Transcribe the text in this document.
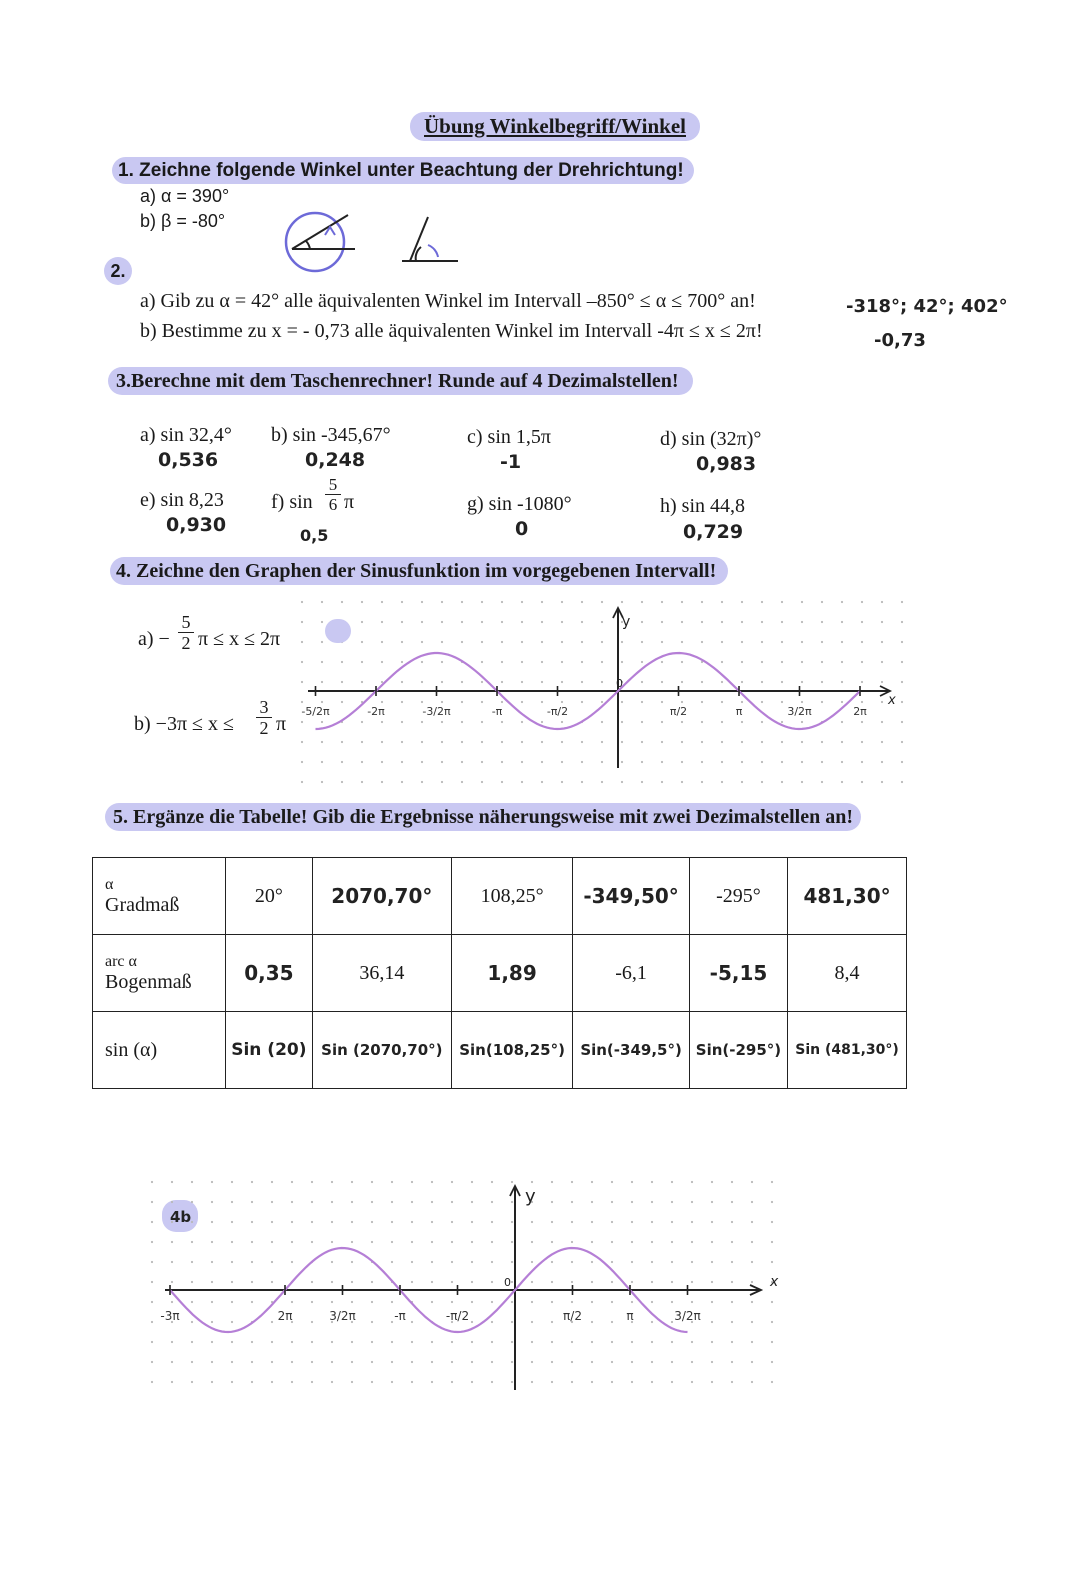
Übung Winkelbegriff/Winkel
1. Zeichne folgende Winkel unter Beachtung der Drehrichtung!
a) α = 390°
b) β = -80°
2.
a) Gib zu α = 42° alle äquivalenten Winkel im Intervall –850° ≤ α ≤ 700° an!	-318°; 42°; 402°
b) Bestimme zu x = - 0,73 alle äquivalenten Winkel im Intervall -4π ≤ x ≤ 2π!	-0,73
3.Berechne mit dem Taschenrechner! Runde auf 4 Dezimalstellen!
a) sin 32,4°
0,536
b) sin -345,67°
0,248
c) sin 1,5π
-1
d) sin (32π)°
0,983
e) sin 8,23
0,930
f) sin
5
6 π
0,5
g) sin -1080°
0
h) sin 44,8
0,729
4. Zeichne den Graphen der Sinusfunktion im vorgegebenen Intervall!
a) −
5
2 π ≤ x ≤ 2π
b) −3π ≤ x ≤
3
2 π
-5/2π	-2π	-3/2π	-π	-π/2	π/2	π	3/2π	2π
y
x
0
5. Ergänze die Tabelle! Gib die Ergebnisse näherungsweise mit zwei Dezimalstellen an!
α
Gradmaß	20°	2070,70°	108,25°	-349,50°	-295°	481,30°

arc α
Bogenmaß	0,35	36,14	1,89	-6,1	-5,15	8,4
sin (α)	Sin (20)	Sin (2070,70°)	Sin(108,25°)	Sin(-349,5°)	Sin(-295°)	Sin (481,30°)
-3π	2π	3/2π	-π	-π/2	π/2	π	3/2π
4b
y
x
0
